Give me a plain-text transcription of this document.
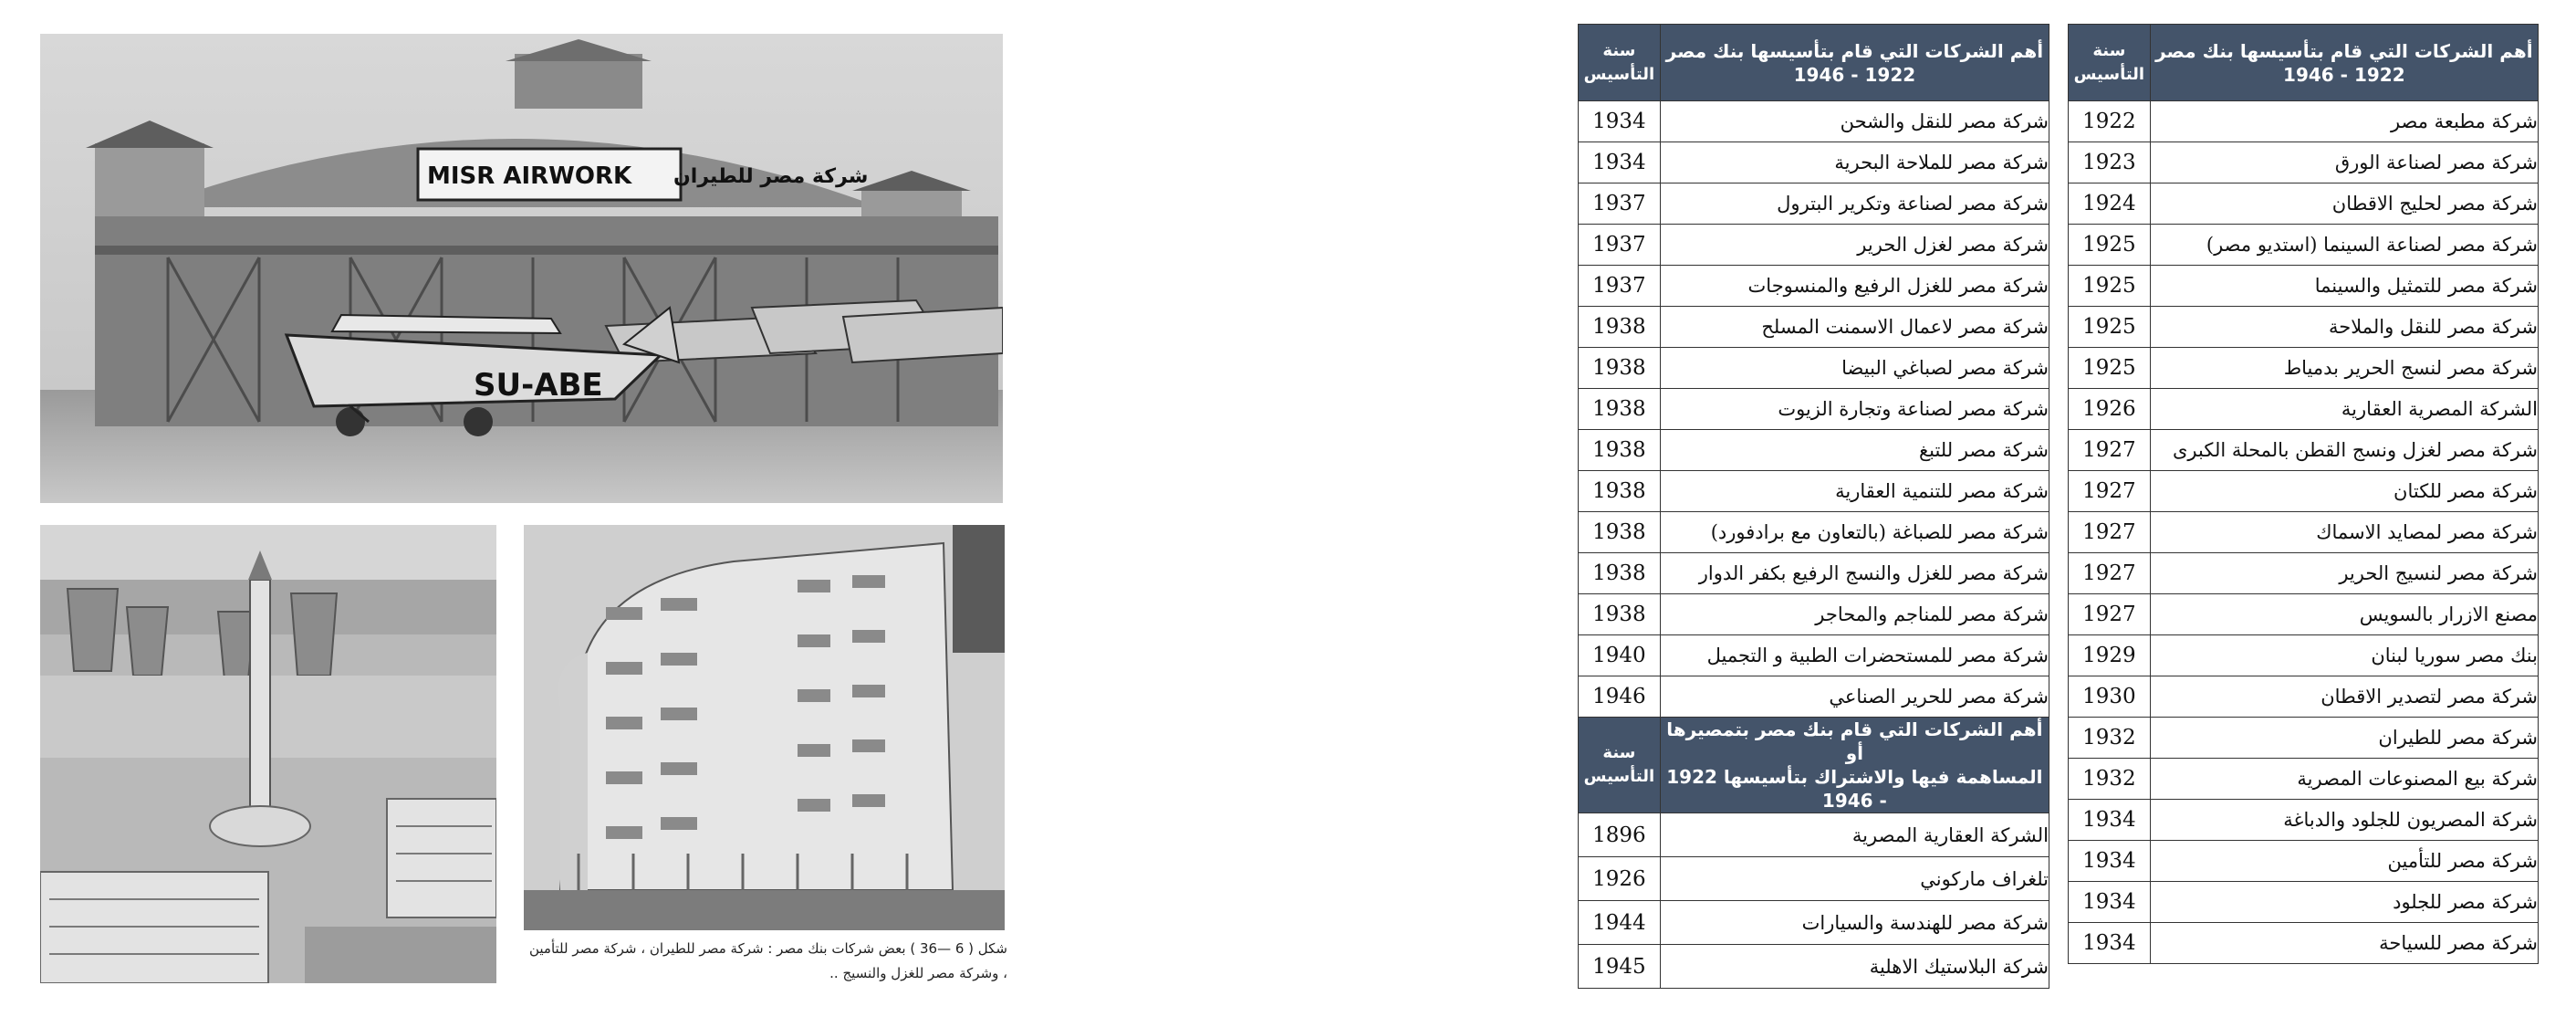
MISR AIRWORK شركة مصر للطيران
SU-ABE
شكل ( 6 —36 ) بعض شركات بنك مصر : شركة مصر للطيران ، شركة مصر للتأمين
، وشركة مصر للغزل والنسيج ..
أهم الشركات التي قام بتأسيسها بنك مصر
1922 - 1946	سنة
التأسيس

شركة مطبعة مصر	1922
شركة مصر لصناعة الورق	1923
شركة مصر لحليج الاقطان	1924
شركة مصر لصناعة السينما (استديو مصر)	1925
شركة مصر للتمثيل والسينما	1925
شركة مصر للنقل والملاحة	1925
شركة مصر لنسج الحرير بدمياط	1925
الشركة المصرية العقارية	1926
شركة مصر لغزل ونسج القطن بالمحلة الكبرى	1927
شركة مصر للكتان	1927
شركة مصر لمصايد الاسماك	1927
شركة مصر لنسيج الحرير	1927
مصنع الازرار بالسويس	1927
بنك مصر سوريا لبنان	1929
شركة مصر لتصدير الاقطان	1930
شركة مصر للطيران	1932
شركة بيع المصنوعات المصرية	1932
شركة المصريون للجلود والدباغة	1934
شركة مصر للتأمين	1934
شركة مصر للجلود	1934
شركة مصر للسياحة	1934
أهم الشركات التي قام بتأسيسها بنك مصر
1922 - 1946	سنة
التأسيس

شركة مصر للنقل والشحن	1934
شركة مصر للملاحة البحرية	1934
شركة مصر لصناعة وتكرير البترول	1937
شركة مصر لغزل الحرير	1937
شركة مصر للغزل الرفيع والمنسوجات	1937
شركة مصر لاعمال الاسمنت المسلح	1938
شركة مصر لصباغي البيضا	1938
شركة مصر لصناعة وتجارة الزيوت	1938
شركة مصر للتبغ	1938
شركة مصر للتنمية العقارية	1938
شركة مصر للصباغة (بالتعاون مع برادفورد)	1938
شركة مصر للغزل والنسج الرفيع بكفر الدوار	1938
شركة مصر للمناجم والمحاجر	1938
شركة مصر للمستحضرات الطبية و التجميل	1940
شركة مصر للحرير الصناعي	1946

أهم الشركات التي قام بنك مصر بتمصيرها أو
المساهمة فيها والاشتراك بتأسيسها 1922 - 1946	سنة
التأسيس

الشركة العقارية المصرية	1896
تلغراف ماركوني	1926
شركة مصر للهندسة والسيارات	1944
شركة البلاستيك الاهلية	1945
